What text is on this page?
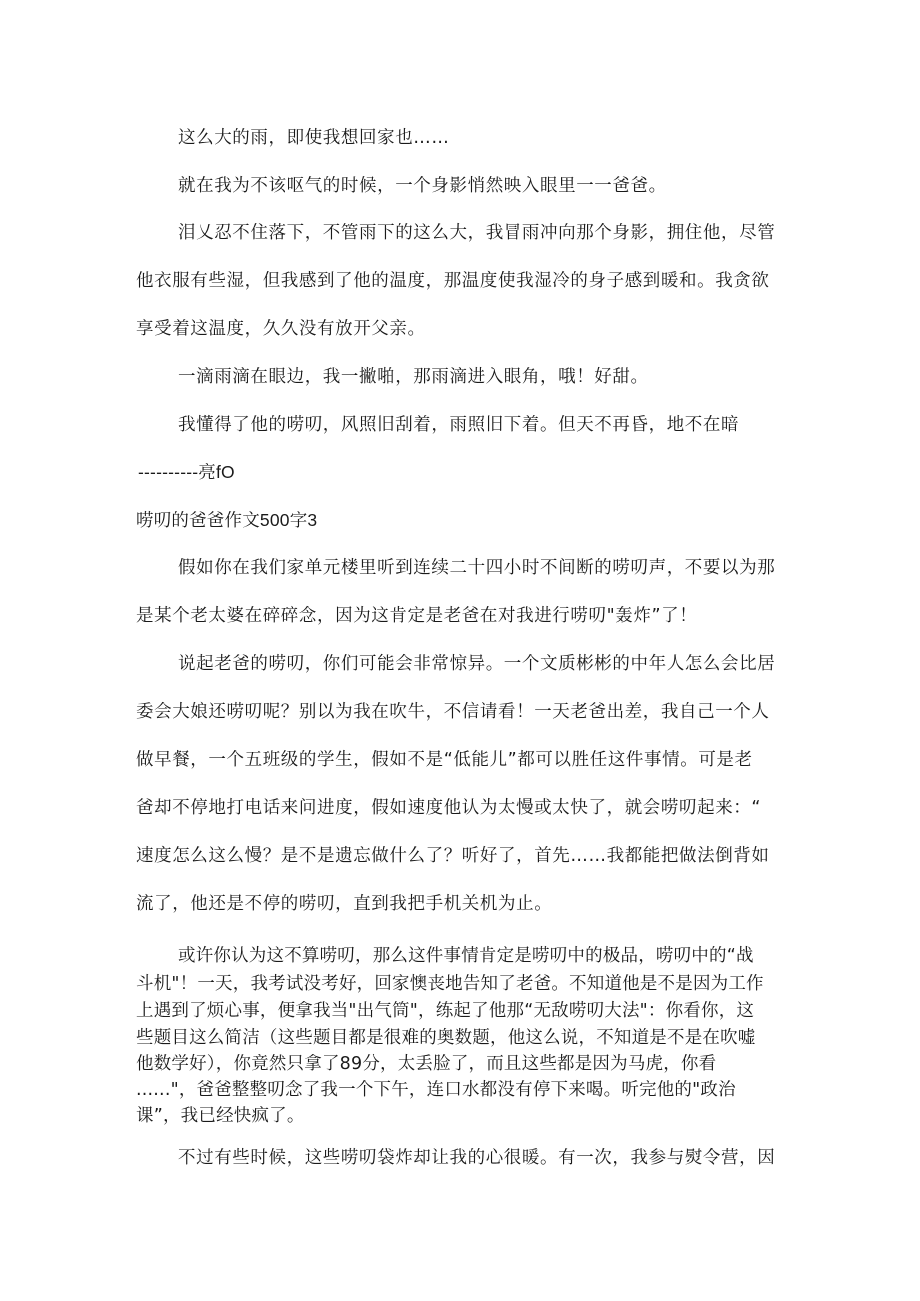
这么大的雨，即使我想回家也……
就在我为不该呕气的时候，一个身影悄然映入眼里一一爸爸。
泪乂忍不住落下，不管雨下的这么大，我冒雨冲向那个身影，拥住他，尽管
他衣服有些湿，但我感到了他的温度，那温度使我湿冷的身子感到暖和。我贪欲
享受着这温度，久久没有放开父亲。
一滴雨滴在眼边，我一撇啪，那雨滴进入眼角，哦！好甜。
我懂得了他的唠叨，风照旧刮着，雨照旧下着。但天不再昏，地不在暗
----------亮fO
唠叨的爸爸作文500字3
假如你在我们家单元楼里听到连续二十四小时不间断的唠叨声，不要以为那
是某个老太婆在碎碎念，因为这肯定是老爸在对我进行唠叨"轰炸”了！
说起老爸的唠叨，你们可能会非常惊异。一个文质彬彬的中年人怎么会比居
委会大娘还唠叨呢？别以为我在吹牛，不信请看！一天老爸出差，我自己一个人
做早餐，一个五班级的学生，假如不是“低能儿”都可以胜任这件事情。可是老
爸却不停地打电话来问进度，假如速度他认为太慢或太快了，就会唠叨起来：“
速度怎么这么慢？是不是遗忘做什么了？听好了，首先……我都能把做法倒背如
流了，他还是不停的唠叨，直到我把手机关机为止。
或许你认为这不算唠叨，那么这件事情肯定是唠叨中的极品，唠叨中的“战
斗机"！一天，我考试没考好，回家懊丧地告知了老爸。不知道他是不是因为工作
上遇到了烦心事，便拿我当"出气筒"，练起了他那“无敌唠叨大法"：你看你，这
些题目这么简洁（这些题目都是很难的奥数题，他这么说，不知道是不是在吹嘘
他数学好），你竟然只拿了89分，太丢脸了，而且这些都是因为马虎，你看
......"，爸爸整整叨念了我一个下午，连口水都没有停下来喝。听完他的"政治
课”，我已经快疯了。
不过有些时候，这些唠叨袋炸却让我的心很暖。有一次，我参与熨令营，因
